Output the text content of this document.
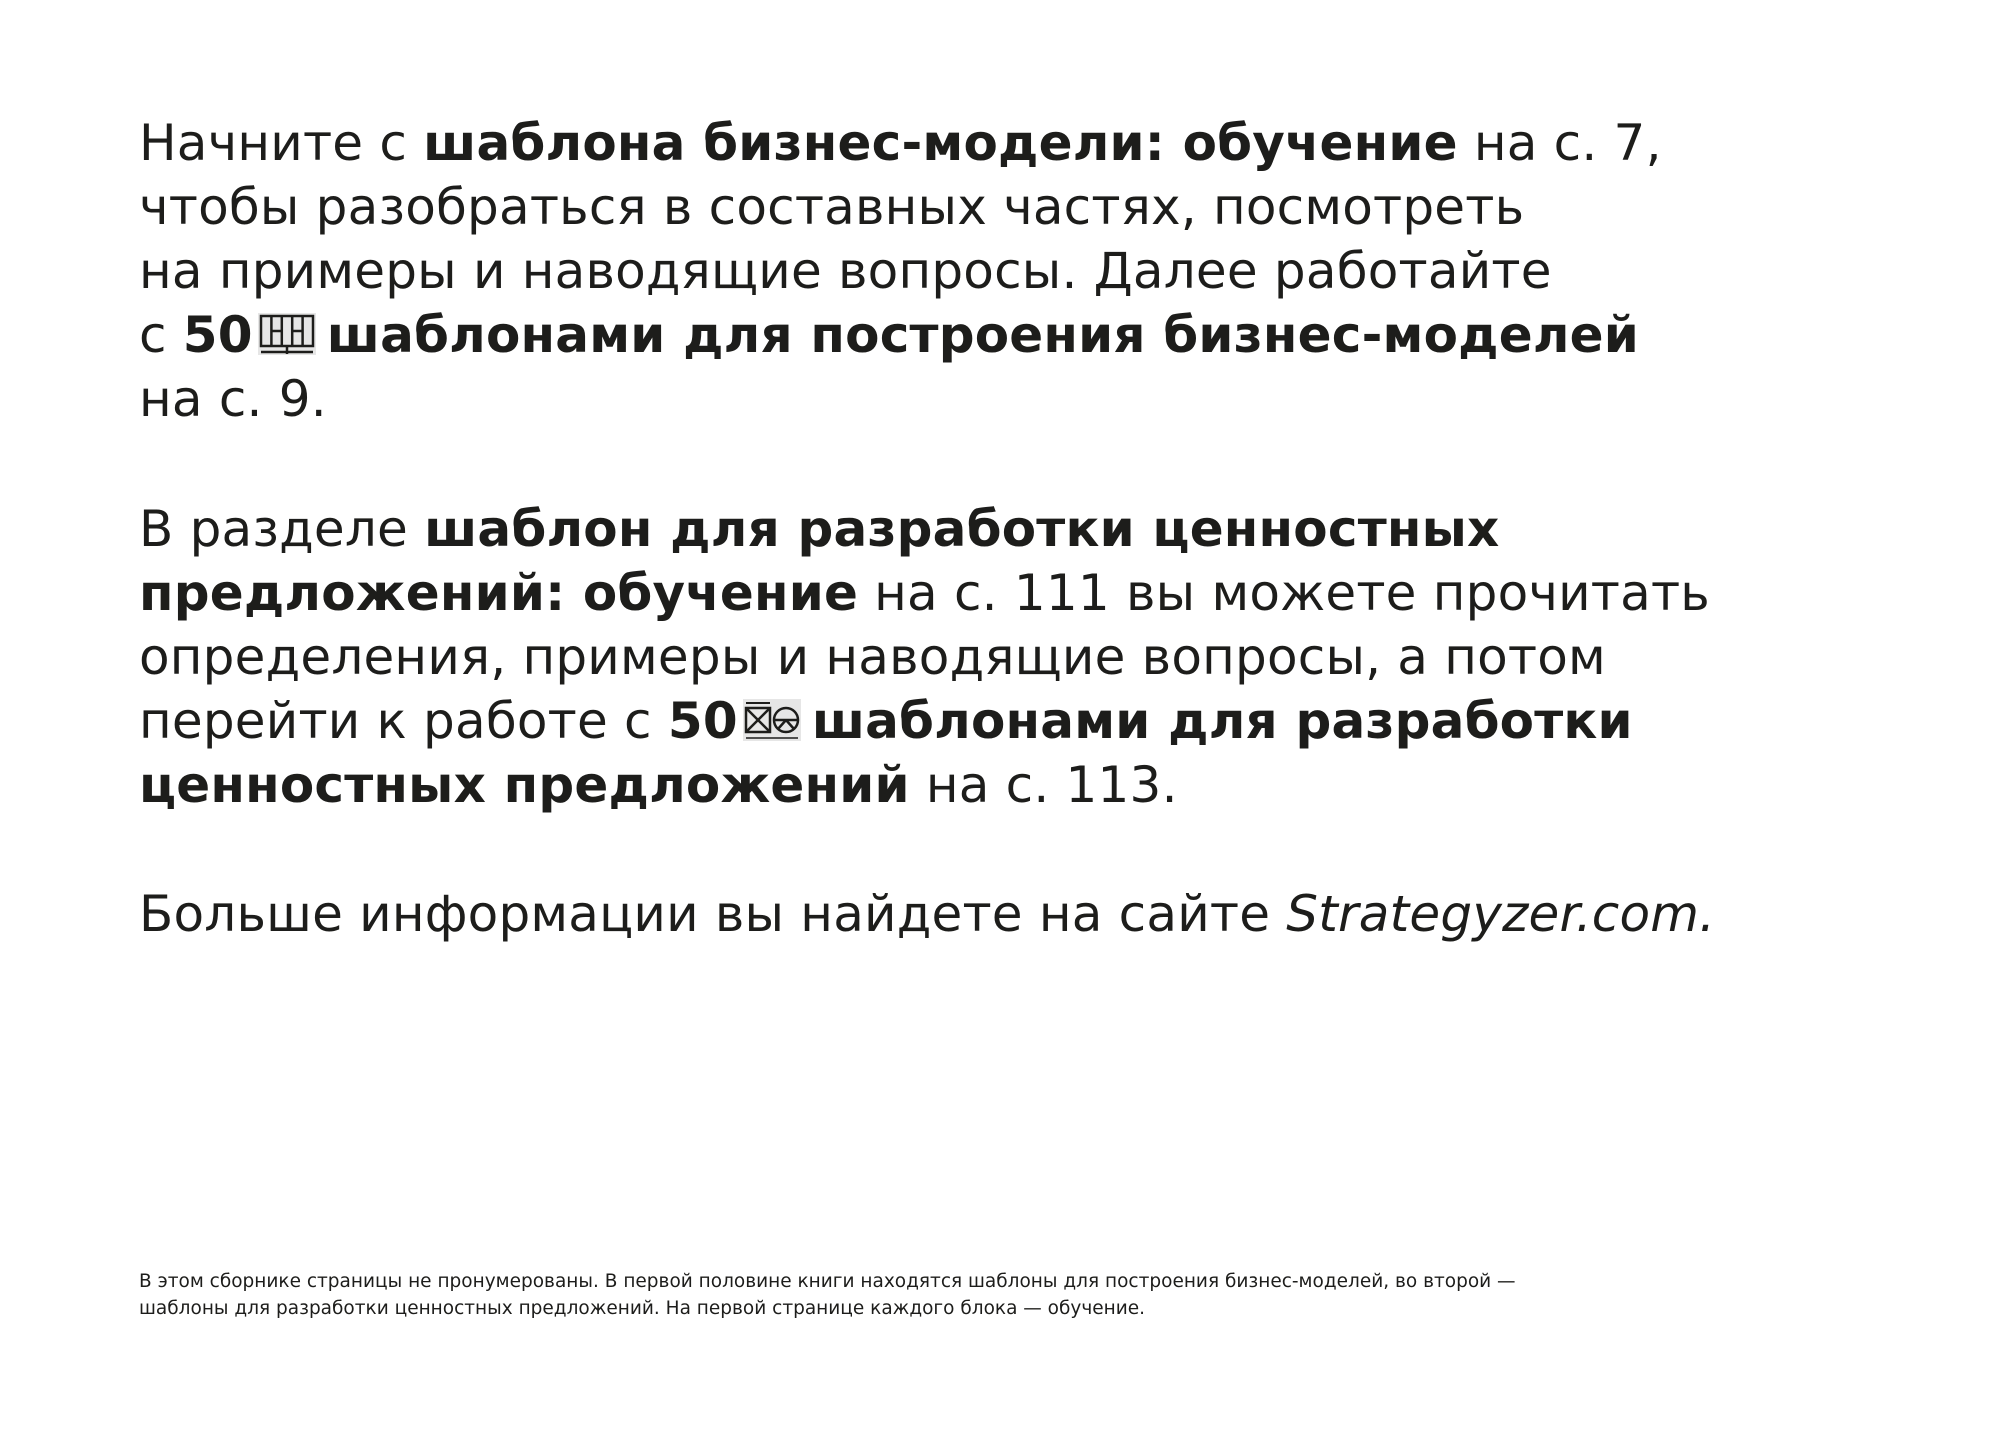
Начните с шаблона бизнес-модели: обучение на с. 7,
чтобы разобраться в составных частях, посмотреть
на примеры и наводящие вопросы. Далее работайте
с 50 шаблонами для построения бизнес-моделей
на с. 9.
В разделе шаблон для разработки ценностных
предложений: обучение на с. 111 вы можете прочитать
определения, примеры и наводящие вопросы, а потом
перейти к работе с 50 шаблонами для разработки
ценностных предложений на с. 113.
Больше информации вы найдете на сайте Strategyzer.com.
В этом сборнике страницы не пронумерованы. В первой половине книги находятся шаблоны для построения бизнес-моделей, во второй —
шаблоны для разработки ценностных предложений. На первой странице каждого блока — обучение.
